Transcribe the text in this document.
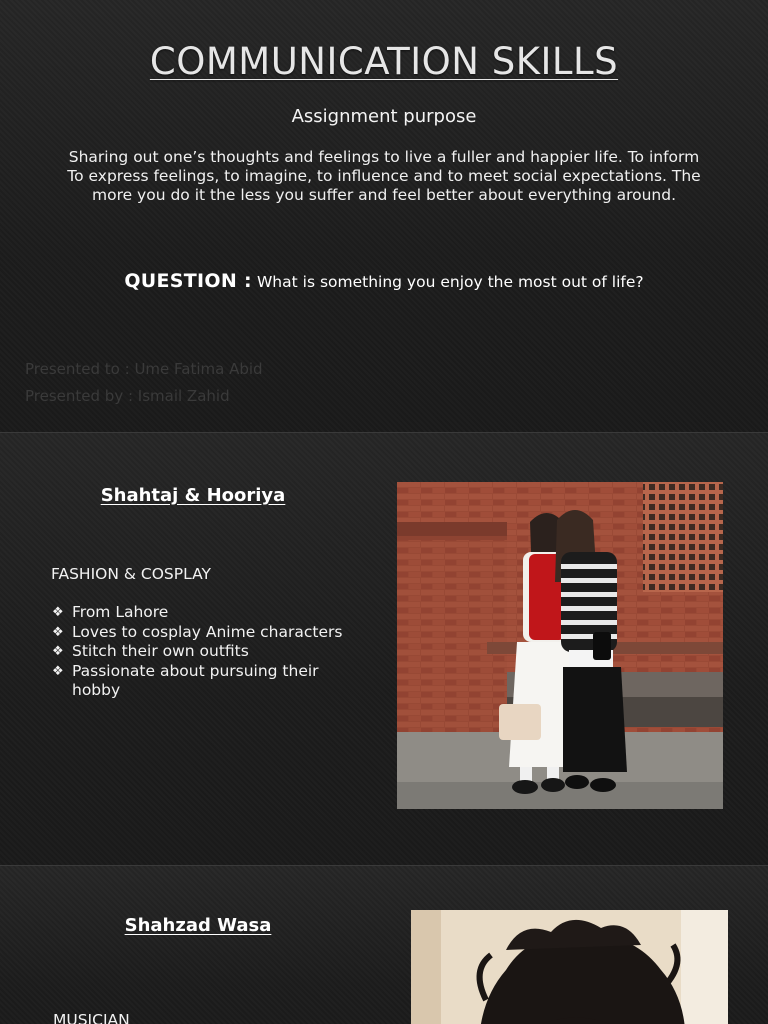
COMMUNICATION SKILLS
Assignment purpose
Sharing out one’s thoughts and feelings to live a fuller and happier life. To inform
To express feelings, to imagine, to influence and to meet social expectations. The
more you do it the less you suffer and feel better about everything around.
QUESTION : What is something you enjoy the most out of life?
Presented to : Ume Fatima Abid
Presented by : Ismail Zahid
Shahtaj & Hooriya
FASHION & COSPLAY
❖ From Lahore
❖ Loves to cosplay Anime characters
❖ Stitch their own outfits
❖ Passionate about pursuing their hobby
Shahzad Wasa
MUSICIAN
